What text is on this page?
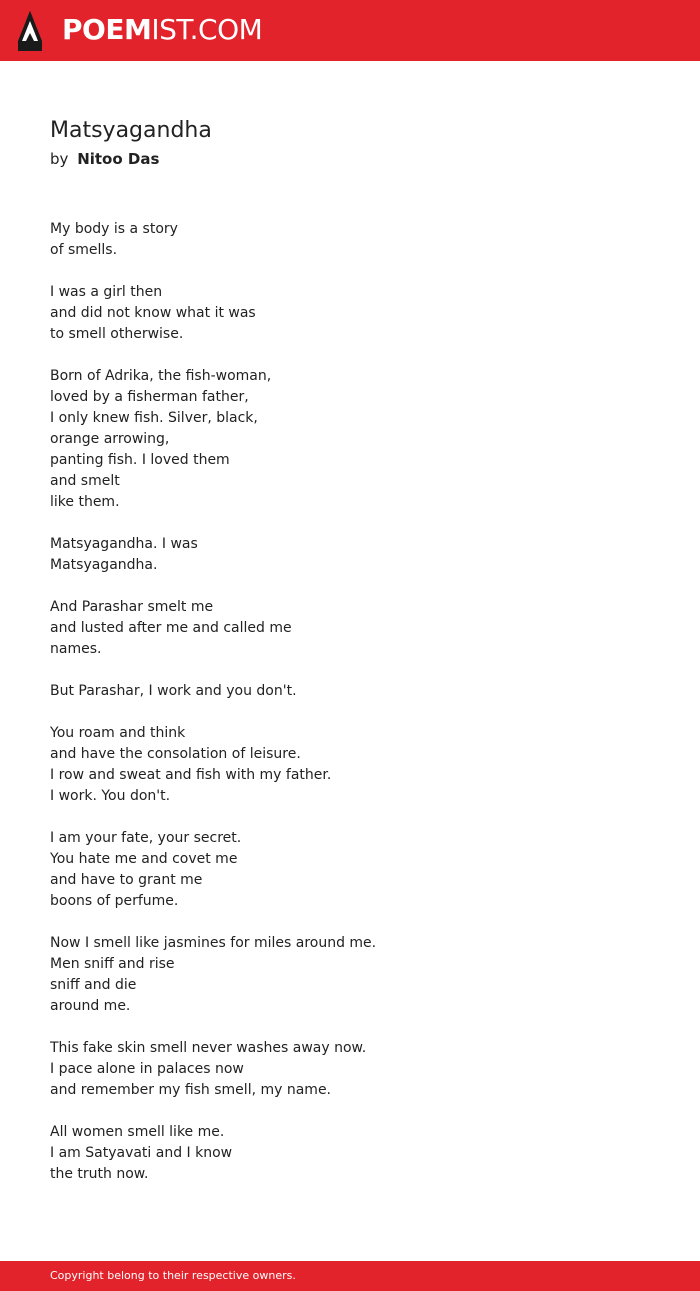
POEMIST.COM
Matsyagandha
by Nitoo Das
My body is a story
of smells.
I was a girl then
and did not know what it was
to smell otherwise.
Born of Adrika, the fish-woman,
loved by a fisherman father,
I only knew fish. Silver, black,
orange arrowing,
panting fish. I loved them
and smelt
like them.
Matsyagandha. I was
Matsyagandha.
And Parashar smelt me
and lusted after me and called me
names.
But Parashar, I work and you don't.
You roam and think
and have the consolation of leisure.
I row and sweat and fish with my father.
I work. You don't.
I am your fate, your secret.
You hate me and covet me
and have to grant me
boons of perfume.
Now I smell like jasmines for miles around me.
Men sniff and rise
sniff and die
around me.
This fake skin smell never washes away now.
I pace alone in palaces now
and remember my fish smell, my name.
All women smell like me.
I am Satyavati and I know
the truth now.
Copyright belong to their respective owners.
